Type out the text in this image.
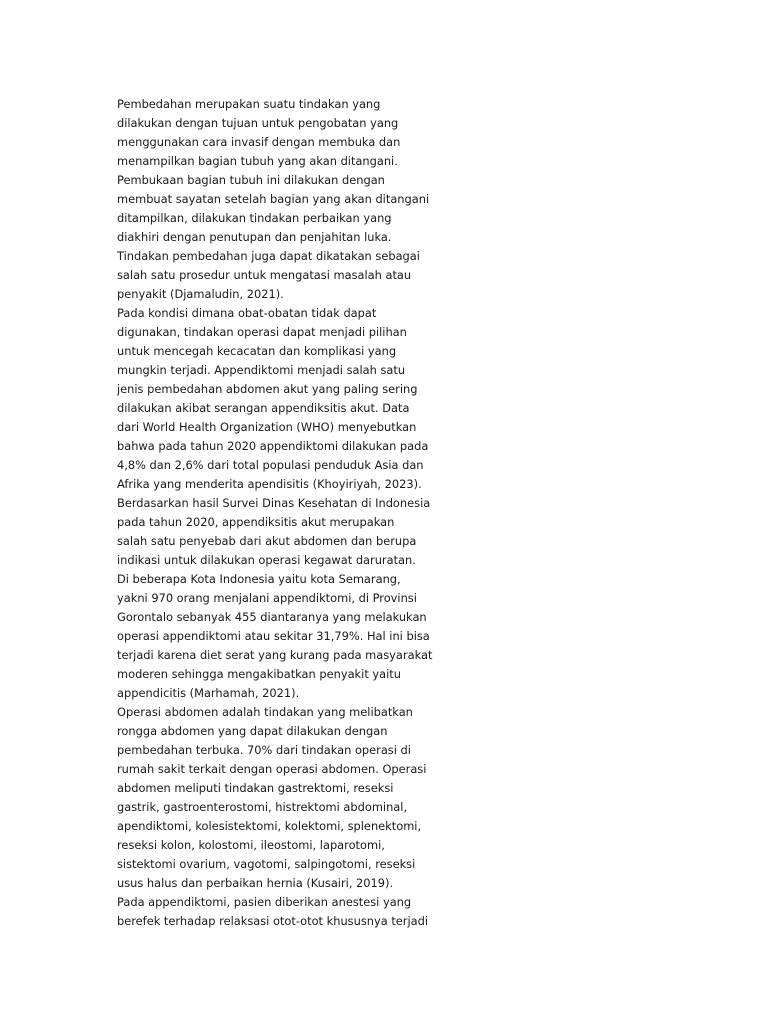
Pembedahan merupakan suatu tindakan yang
dilakukan dengan tujuan untuk pengobatan yang
menggunakan cara invasif dengan membuka dan
menampilkan bagian tubuh yang akan ditangani.
Pembukaan bagian tubuh ini dilakukan dengan
membuat sayatan setelah bagian yang akan ditangani
ditampilkan, dilakukan tindakan perbaikan yang
diakhiri dengan penutupan dan penjahitan luka.
Tindakan pembedahan juga dapat dikatakan sebagai
salah satu prosedur untuk mengatasi masalah atau
penyakit (Djamaludin, 2021).
Pada kondisi dimana obat-obatan tidak dapat
digunakan, tindakan operasi dapat menjadi pilihan
untuk mencegah kecacatan dan komplikasi yang
mungkin terjadi. Appendiktomi menjadi salah satu
jenis pembedahan abdomen akut yang paling sering
dilakukan akibat serangan appendiksitis akut. Data
dari World Health Organization (WHO) menyebutkan
bahwa pada tahun 2020 appendiktomi dilakukan pada
4,8% dan 2,6% dari total populasi penduduk Asia dan
Afrika yang menderita apendisitis (Khoyiriyah, 2023).
Berdasarkan hasil Survei Dinas Kesehatan di Indonesia
pada tahun 2020, appendiksitis akut merupakan
salah satu penyebab dari akut abdomen dan berupa
indikasi untuk dilakukan operasi kegawat daruratan.
Di beberapa Kota Indonesia yaitu kota Semarang,
yakni 970 orang menjalani appendiktomi, di Provinsi
Gorontalo sebanyak 455 diantaranya yang melakukan
operasi appendiktomi atau sekitar 31,79%. Hal ini bisa
terjadi karena diet serat yang kurang pada masyarakat
moderen sehingga mengakibatkan penyakit yaitu
appendicitis (Marhamah, 2021).
Operasi abdomen adalah tindakan yang melibatkan
rongga abdomen yang dapat dilakukan dengan
pembedahan terbuka. 70% dari tindakan operasi di
rumah sakit terkait dengan operasi abdomen. Operasi
abdomen meliputi tindakan gastrektomi, reseksi
gastrik, gastroenterostomi, histrektomi abdominal,
apendiktomi, kolesistektomi, kolektomi, splenektomi,
reseksi kolon, kolostomi, ileostomi, laparotomi,
sistektomi ovarium, vagotomi, salpingotomi, reseksi
usus halus dan perbaikan hernia (Kusairi, 2019).
Pada appendiktomi, pasien diberikan anestesi yang
berefek terhadap relaksasi otot-otot khususnya terjadi
